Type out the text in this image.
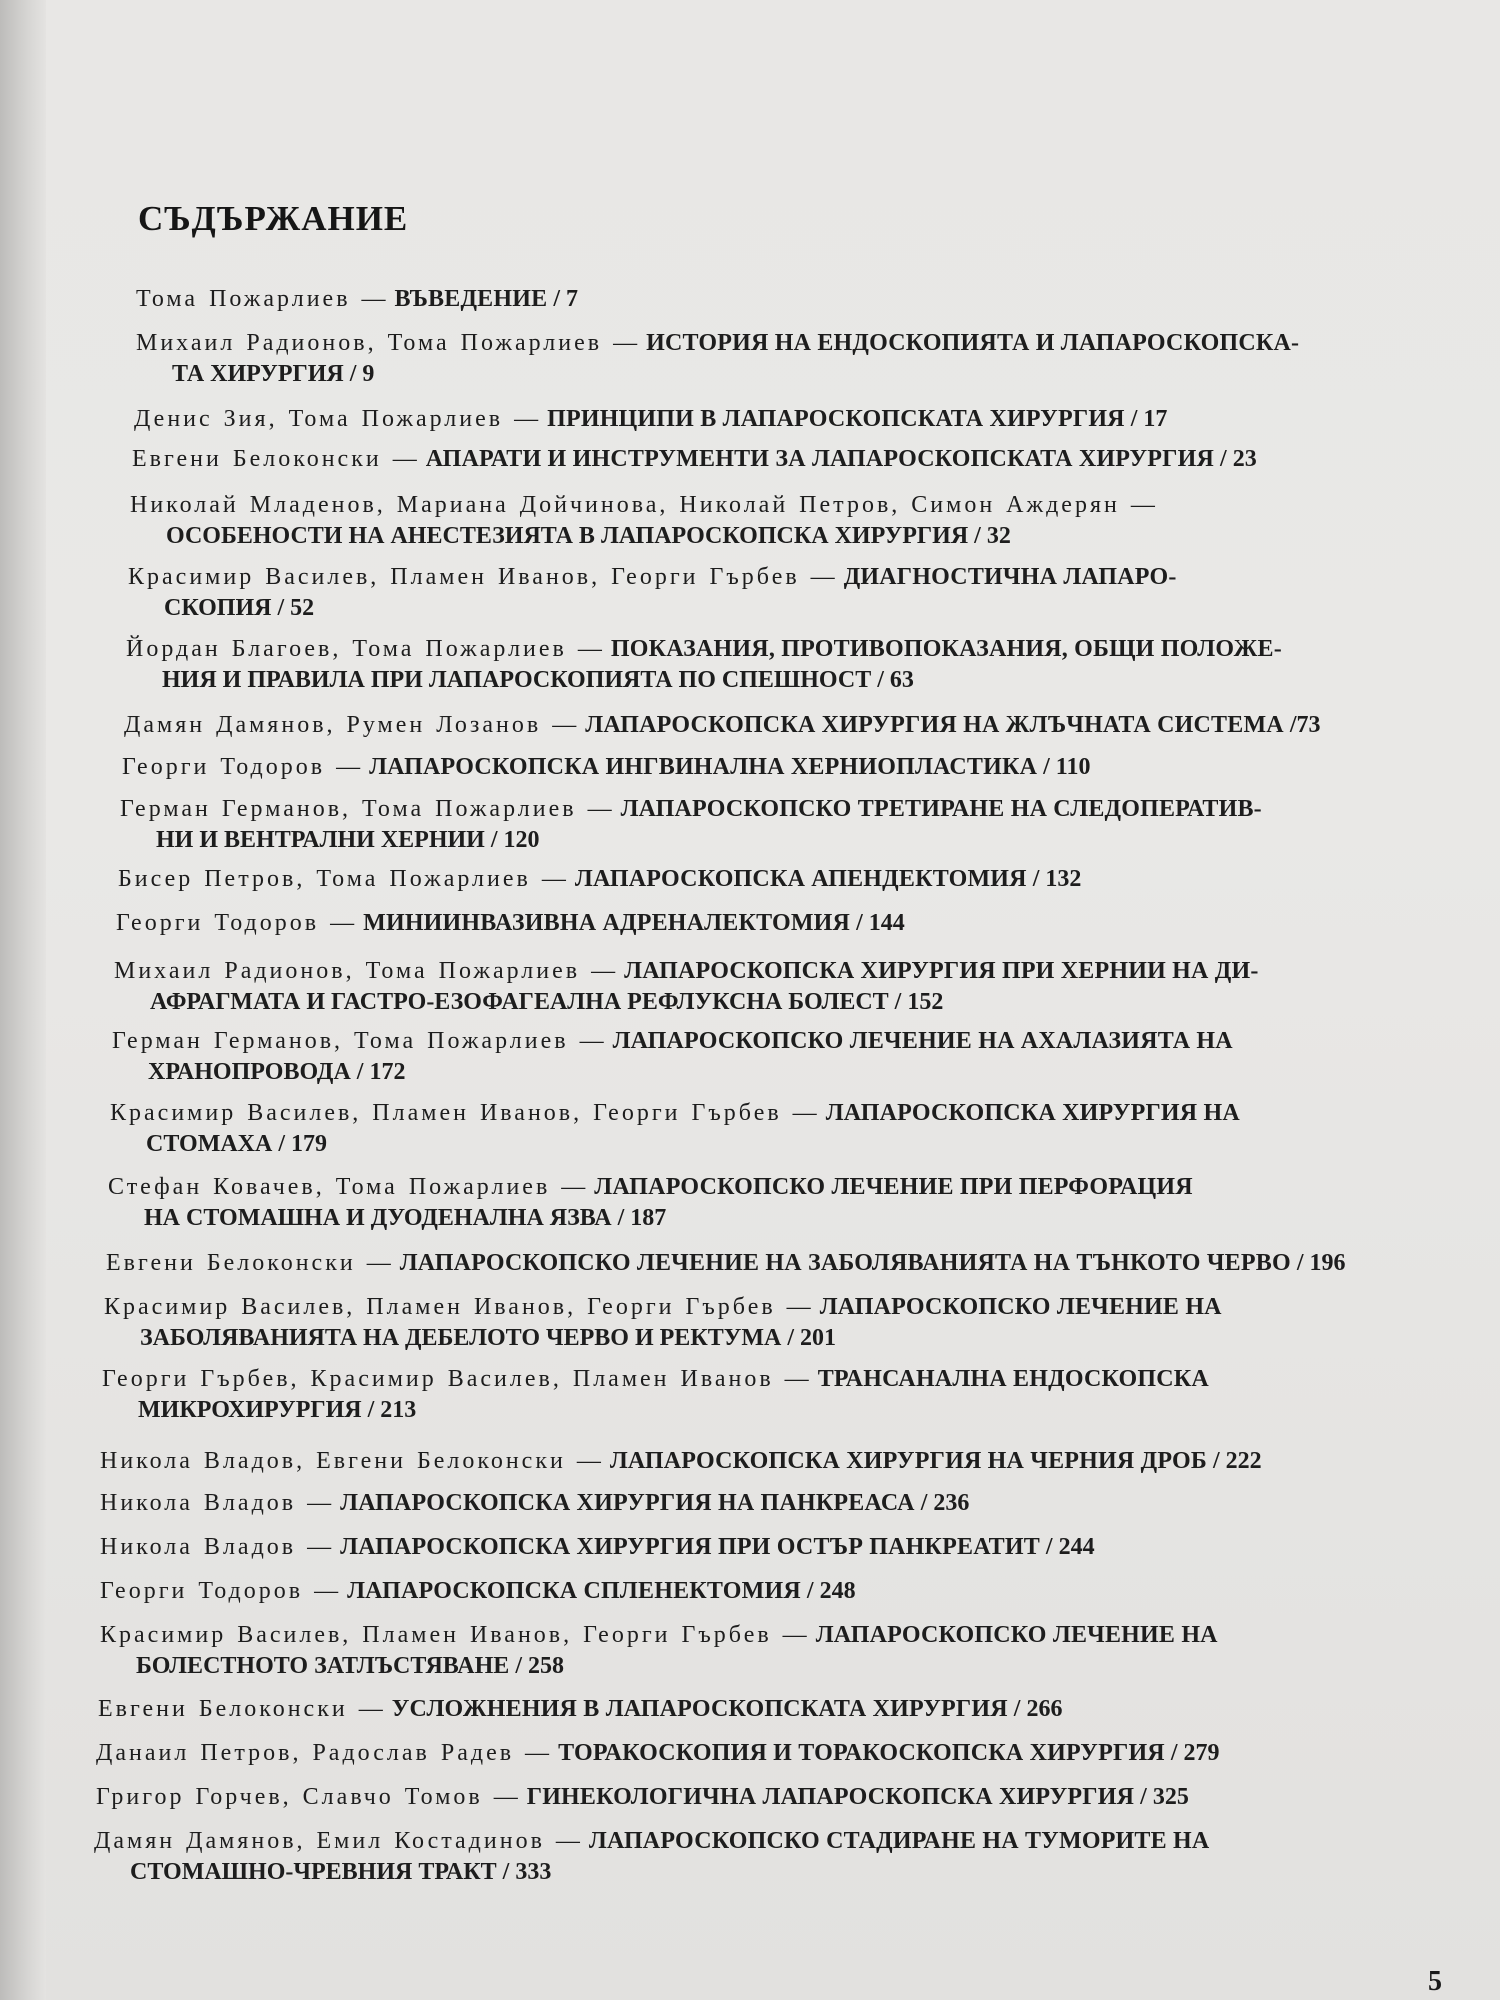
СЪДЪРЖАНИЕ
Тома Пожарлиев — ВЪВЕДЕНИЕ / 7
Михаил Радионов, Тома Пожарлиев — ИСТОРИЯ НА ЕНДОСКОПИЯТА И ЛАПАРОСКОПСКА-
ТА ХИРУРГИЯ / 9
Денис Зия, Тома Пожарлиев — ПРИНЦИПИ В ЛАПАРОСКОПСКАТА ХИРУРГИЯ / 17
Евгени Белоконски — АПАРАТИ И ИНСТРУМЕНТИ ЗА ЛАПАРОСКОПСКАТА ХИРУРГИЯ / 23
Николай Младенов, Мариана Дойчинова, Николай Петров, Симон Аждерян —
ОСОБЕНОСТИ НА АНЕСТЕЗИЯТА В ЛАПАРОСКОПСКА ХИРУРГИЯ / 32
Красимир Василев, Пламен Иванов, Георги Гърбев — ДИАГНОСТИЧНА ЛАПАРО-
СКОПИЯ / 52
Йордан Благоев, Тома Пожарлиев — ПОКАЗАНИЯ, ПРОТИВОПОКАЗАНИЯ, ОБЩИ ПОЛОЖЕ-
НИЯ И ПРАВИЛА ПРИ ЛАПАРОСКОПИЯТА ПО СПЕШНОСТ / 63
Дамян Дамянов, Румен Лозанов — ЛАПАРОСКОПСКА ХИРУРГИЯ НА ЖЛЪЧНАТА СИСТЕМА /73
Георги Тодоров — ЛАПАРОСКОПСКА ИНГВИНАЛНА ХЕРНИОПЛАСТИКА / 110
Герман Германов, Тома Пожарлиев — ЛАПАРОСКОПСКО ТРЕТИРАНЕ НА СЛЕДОПЕРАТИВ-
НИ И ВЕНТРАЛНИ ХЕРНИИ / 120
Бисер Петров, Тома Пожарлиев — ЛАПАРОСКОПСКА АПЕНДЕКТОМИЯ / 132
Георги Тодоров — МИНИИНВАЗИВНА АДРЕНАЛЕКТОМИЯ / 144
Михаил Радионов, Тома Пожарлиев — ЛАПАРОСКОПСКА ХИРУРГИЯ ПРИ ХЕРНИИ НА ДИ-
АФРАГМАТА И ГАСТРО-ЕЗОФАГЕАЛНА РЕФЛУКСНА БОЛЕСТ / 152
Герман Германов, Тома Пожарлиев — ЛАПАРОСКОПСКО ЛЕЧЕНИЕ НА АХАЛАЗИЯТА НА
ХРАНОПРОВОДА / 172
Красимир Василев, Пламен Иванов, Георги Гърбев — ЛАПАРОСКОПСКА ХИРУРГИЯ НА
СТОМАХА / 179
Стефан Ковачев, Тома Пожарлиев — ЛАПАРОСКОПСКО ЛЕЧЕНИЕ ПРИ ПЕРФОРАЦИЯ
НА СТОМАШНА И ДУОДЕНАЛНА ЯЗВА / 187
Евгени Белоконски — ЛАПАРОСКОПСКО ЛЕЧЕНИЕ НА ЗАБОЛЯВАНИЯТА НА ТЪНКОТО ЧЕРВО / 196
Красимир Василев, Пламен Иванов, Георги Гърбев — ЛАПАРОСКОПСКО ЛЕЧЕНИЕ НА
ЗАБОЛЯВАНИЯТА НА ДЕБЕЛОТО ЧЕРВО И РЕКТУМА / 201
Георги Гърбев, Красимир Василев, Пламен Иванов — ТРАНСАНАЛНА ЕНДОСКОПСКА
МИКРОХИРУРГИЯ / 213
Никола Владов, Евгени Белоконски — ЛАПАРОСКОПСКА ХИРУРГИЯ НА ЧЕРНИЯ ДРОБ / 222
Никола Владов — ЛАПАРОСКОПСКА ХИРУРГИЯ НА ПАНКРЕАСА / 236
Никола Владов — ЛАПАРОСКОПСКА ХИРУРГИЯ ПРИ ОСТЪР ПАНКРЕАТИТ / 244
Георги Тодоров — ЛАПАРОСКОПСКА СПЛЕНЕКТОМИЯ / 248
Красимир Василев, Пламен Иванов, Георги Гърбев — ЛАПАРОСКОПСКО ЛЕЧЕНИЕ НА
БОЛЕСТНОТО ЗАТЛЪСТЯВАНЕ / 258
Евгени Белоконски — УСЛОЖНЕНИЯ В ЛАПАРОСКОПСКАТА ХИРУРГИЯ / 266
Данаил Петров, Радослав Радев — ТОРАКОСКОПИЯ И ТОРАКОСКОПСКА ХИРУРГИЯ / 279
Григор Горчев, Славчо Томов — ГИНЕКОЛОГИЧНА ЛАПАРОСКОПСКА ХИРУРГИЯ / 325
Дамян Дамянов, Емил Костадинов — ЛАПАРОСКОПСКО СТАДИРАНЕ НА ТУМОРИТЕ НА
СТОМАШНО-ЧРЕВНИЯ ТРАКТ / 333
5
